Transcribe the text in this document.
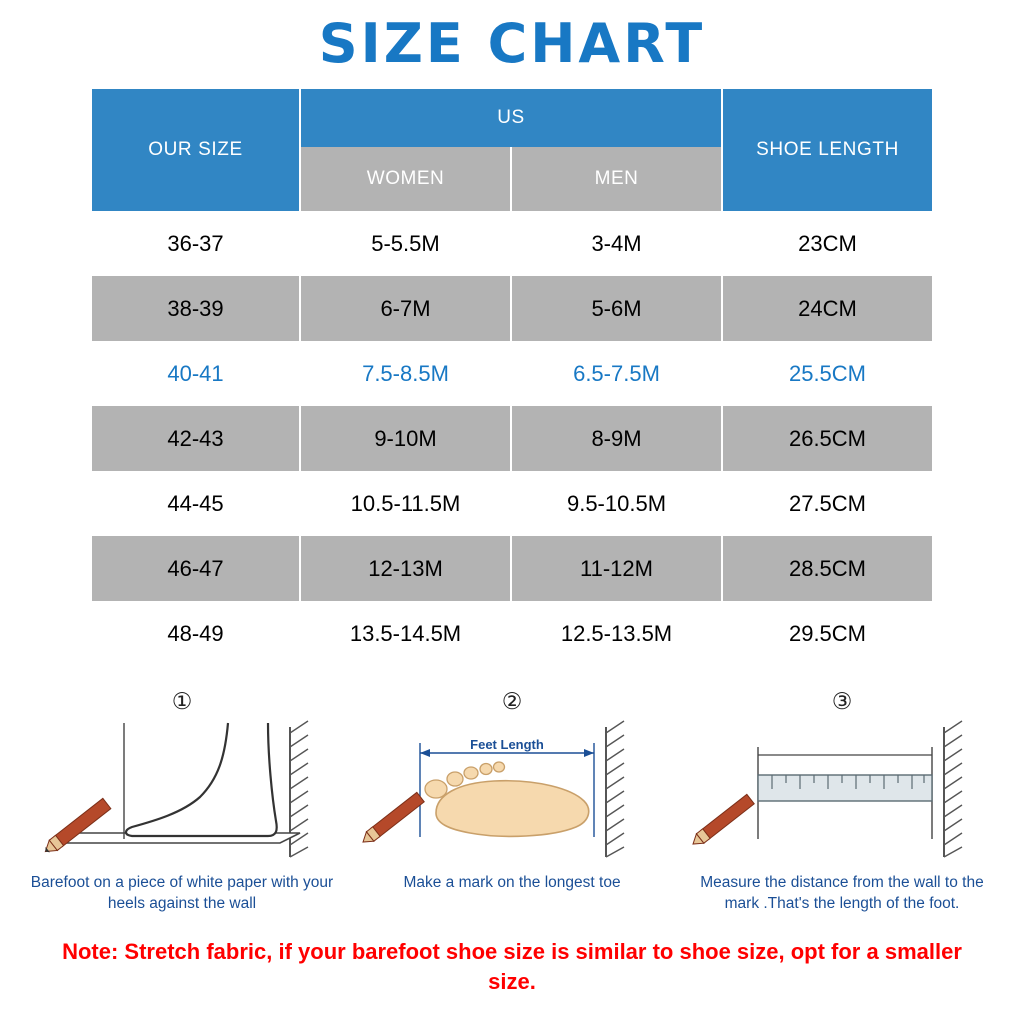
SIZE CHART
OUR SIZE	US		SHOE LENGTH
	WOMEN	MEN	
36-37	5-5.5M	3-4M	23CM
38-39	6-7M	5-6M	24CM
40-41	7.5-8.5M	6.5-7.5M	25.5CM
42-43	9-10M	8-9M	26.5CM
44-45	10.5-11.5M	9.5-10.5M	27.5CM
46-47	12-13M	11-12M	28.5CM
48-49	13.5-14.5M	12.5-13.5M	29.5CM
①
Barefoot on a piece of white paper with your heels against the wall
②
Feet Length
Make a mark on the longest toe
③
Measure the distance from the wall to the mark .That's the length of the foot.
Note: Stretch fabric, if your barefoot shoe size is similar to shoe size, opt for a smaller size.
